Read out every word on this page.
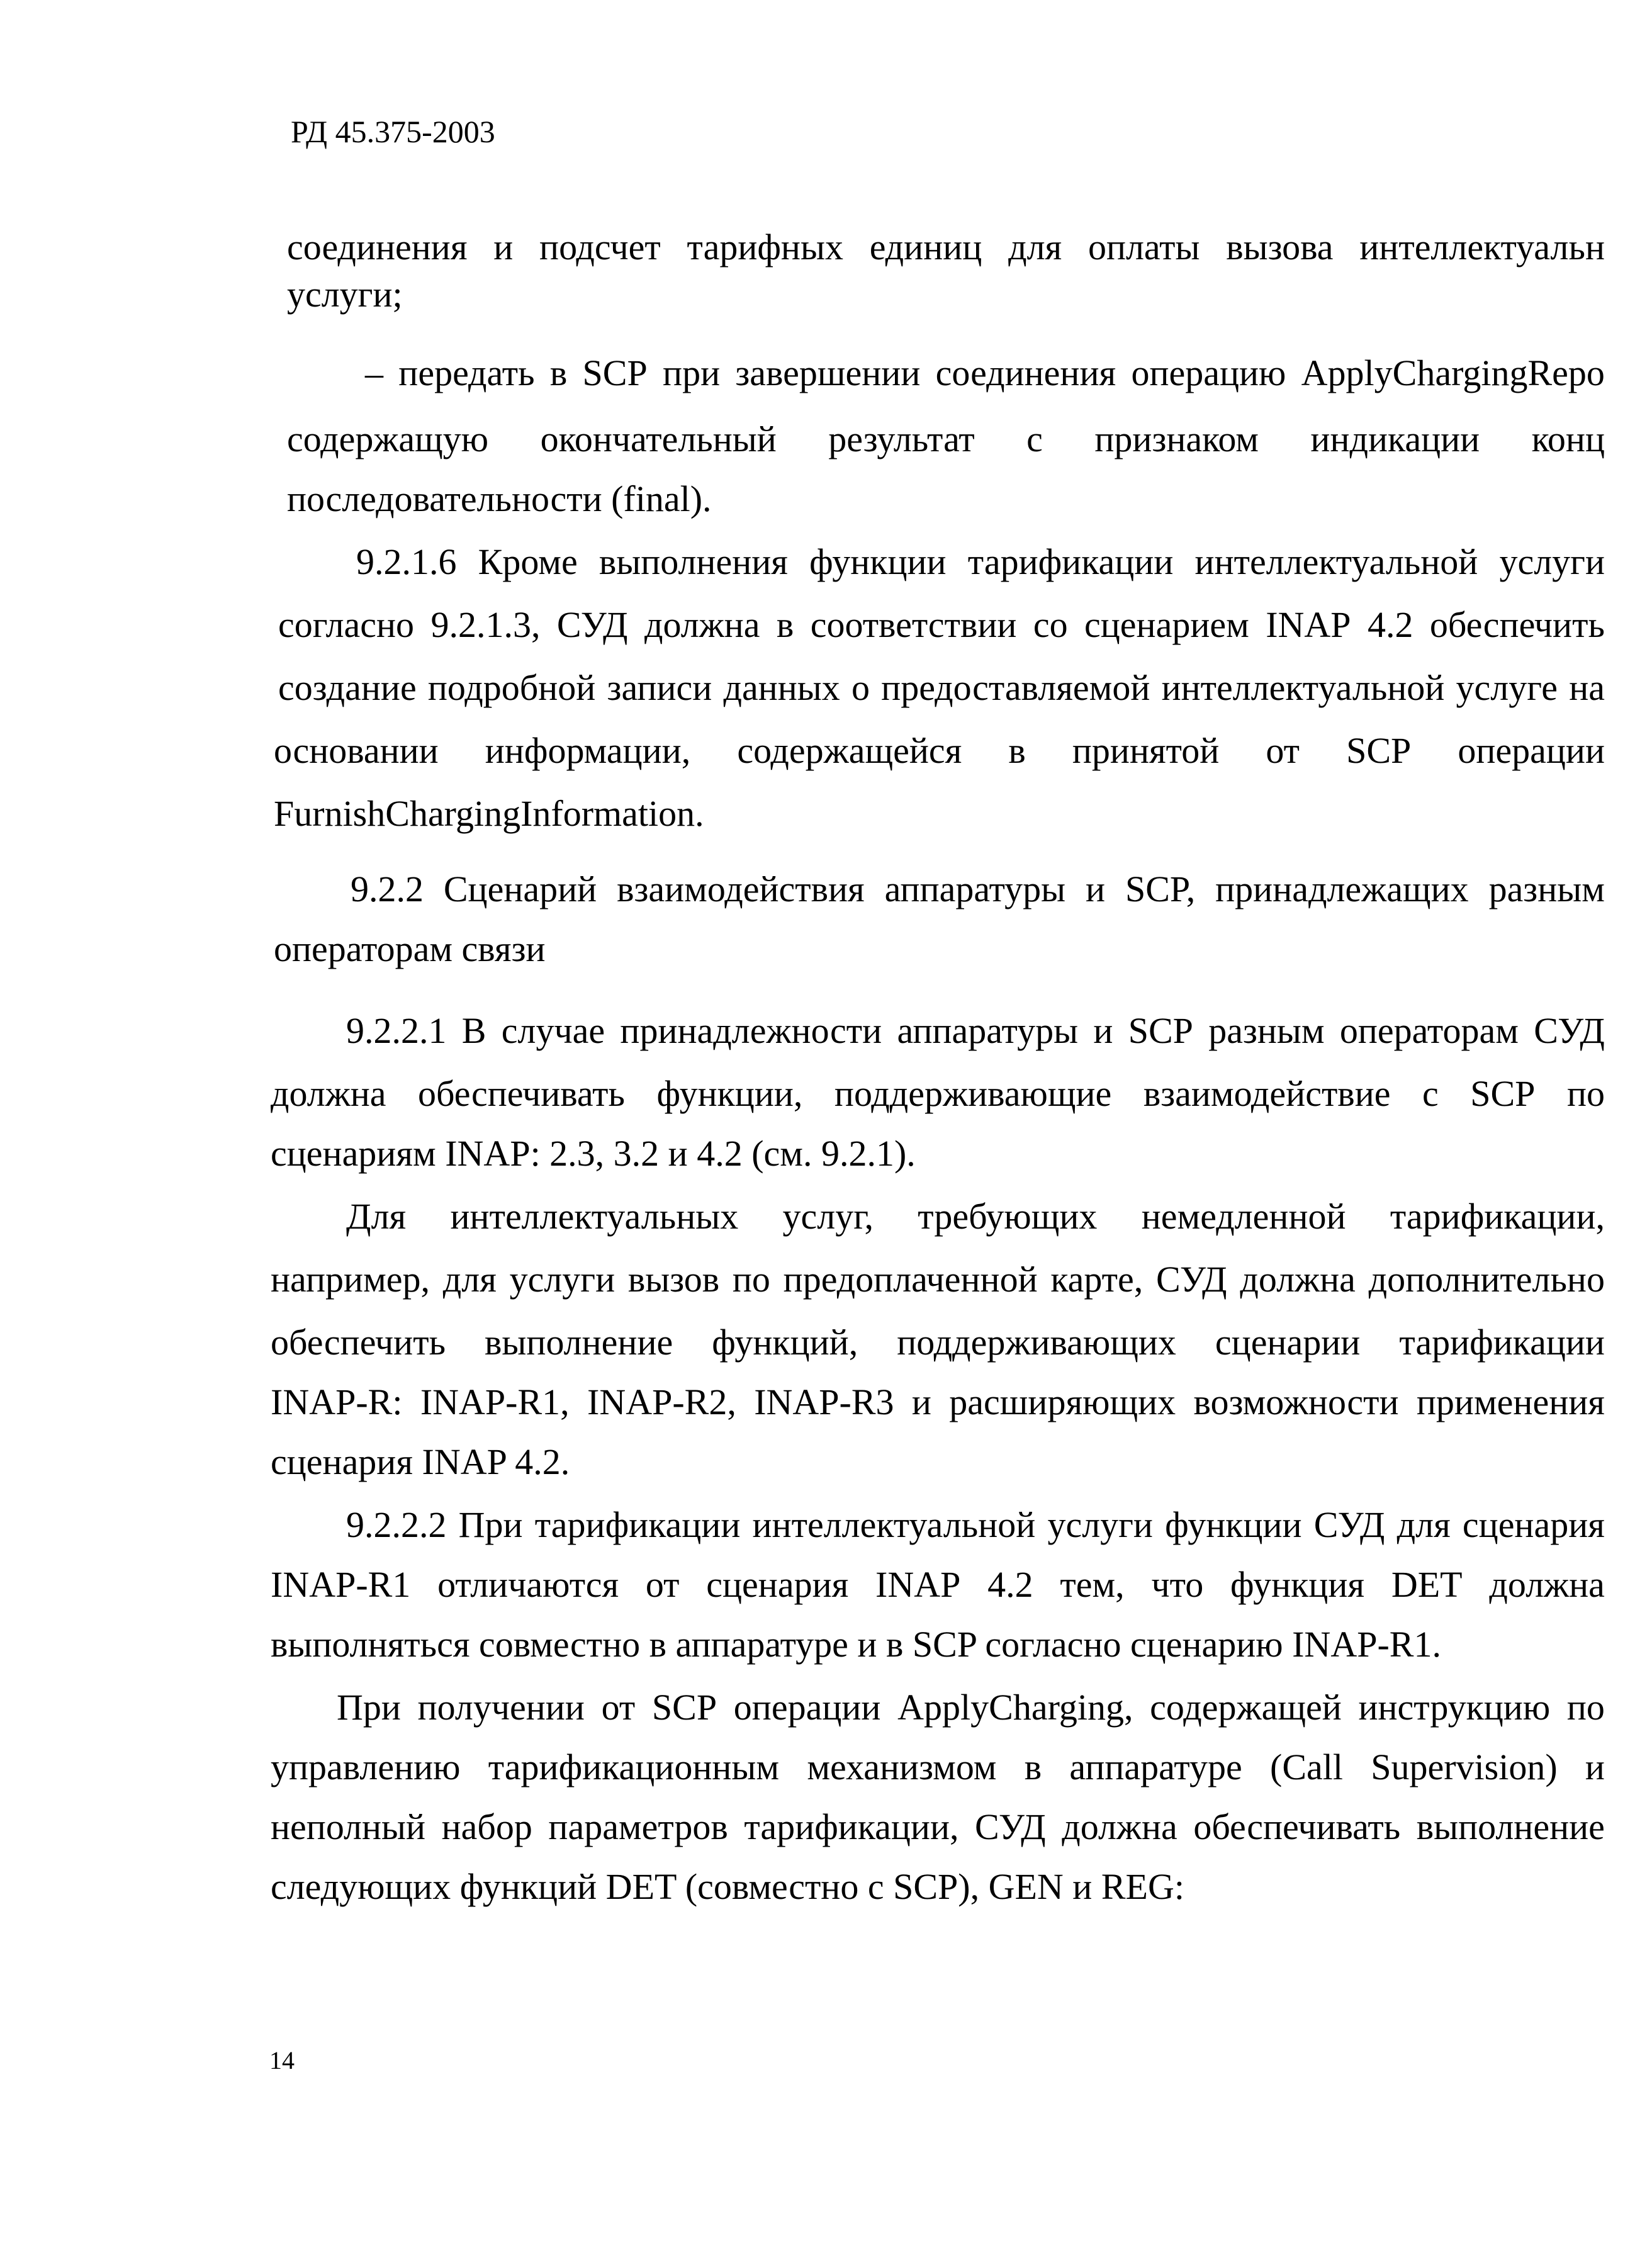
РД 45.375-2003
соединения и подсчет тарифных единиц для оплаты вызова интеллектуальн
услуги;
– передать в SCP при завершении соединения операцию ApplyChargingRepo
содержащую окончательный результат с признаком индикации конц
последовательности (final).
9.2.1.6 Кроме выполнения функции тарификации интеллектуальной услуги
согласно 9.2.1.3, СУД должна в соответствии со сценарием INAP 4.2 обеспечить
создание подробной записи данных о предоставляемой интеллектуальной услуге на
основании информации, содержащейся в принятой от SCP операции
FurnishChargingInformation.
9.2.2 Сценарий взаимодействия аппаратуры и SCP, принадлежащих разным
операторам связи
9.2.2.1 В случае принадлежности аппаратуры и SCP разным операторам СУД
должна обеспечивать функции, поддерживающие взаимодействие с SCP по
сценариям INAP: 2.3, 3.2 и 4.2 (см. 9.2.1).
Для интеллектуальных услуг, требующих немедленной тарификации,
например, для услуги вызов по предоплаченной карте, СУД должна дополнительно
обеспечить выполнение функций, поддерживающих сценарии тарификации
INAP-R: INAP-R1, INAP-R2, INAP-R3 и расширяющих возможности применения
сценария INAP 4.2.
9.2.2.2 При тарификации интеллектуальной услуги функции СУД для сценария
INAP-R1 отличаются от сценария INAP 4.2 тем, что функция DET должна
выполняться совместно в аппаратуре и в SCP согласно сценарию INAP-R1.
При получении от SCP операции ApplyCharging, содержащей инструкцию по
управлению тарификационным механизмом в аппаратуре (Call Supervision) и
неполный набор параметров тарификации, СУД должна обеспечивать выполнение
следующих функций DET (совместно с SCP), GEN и REG:
14
